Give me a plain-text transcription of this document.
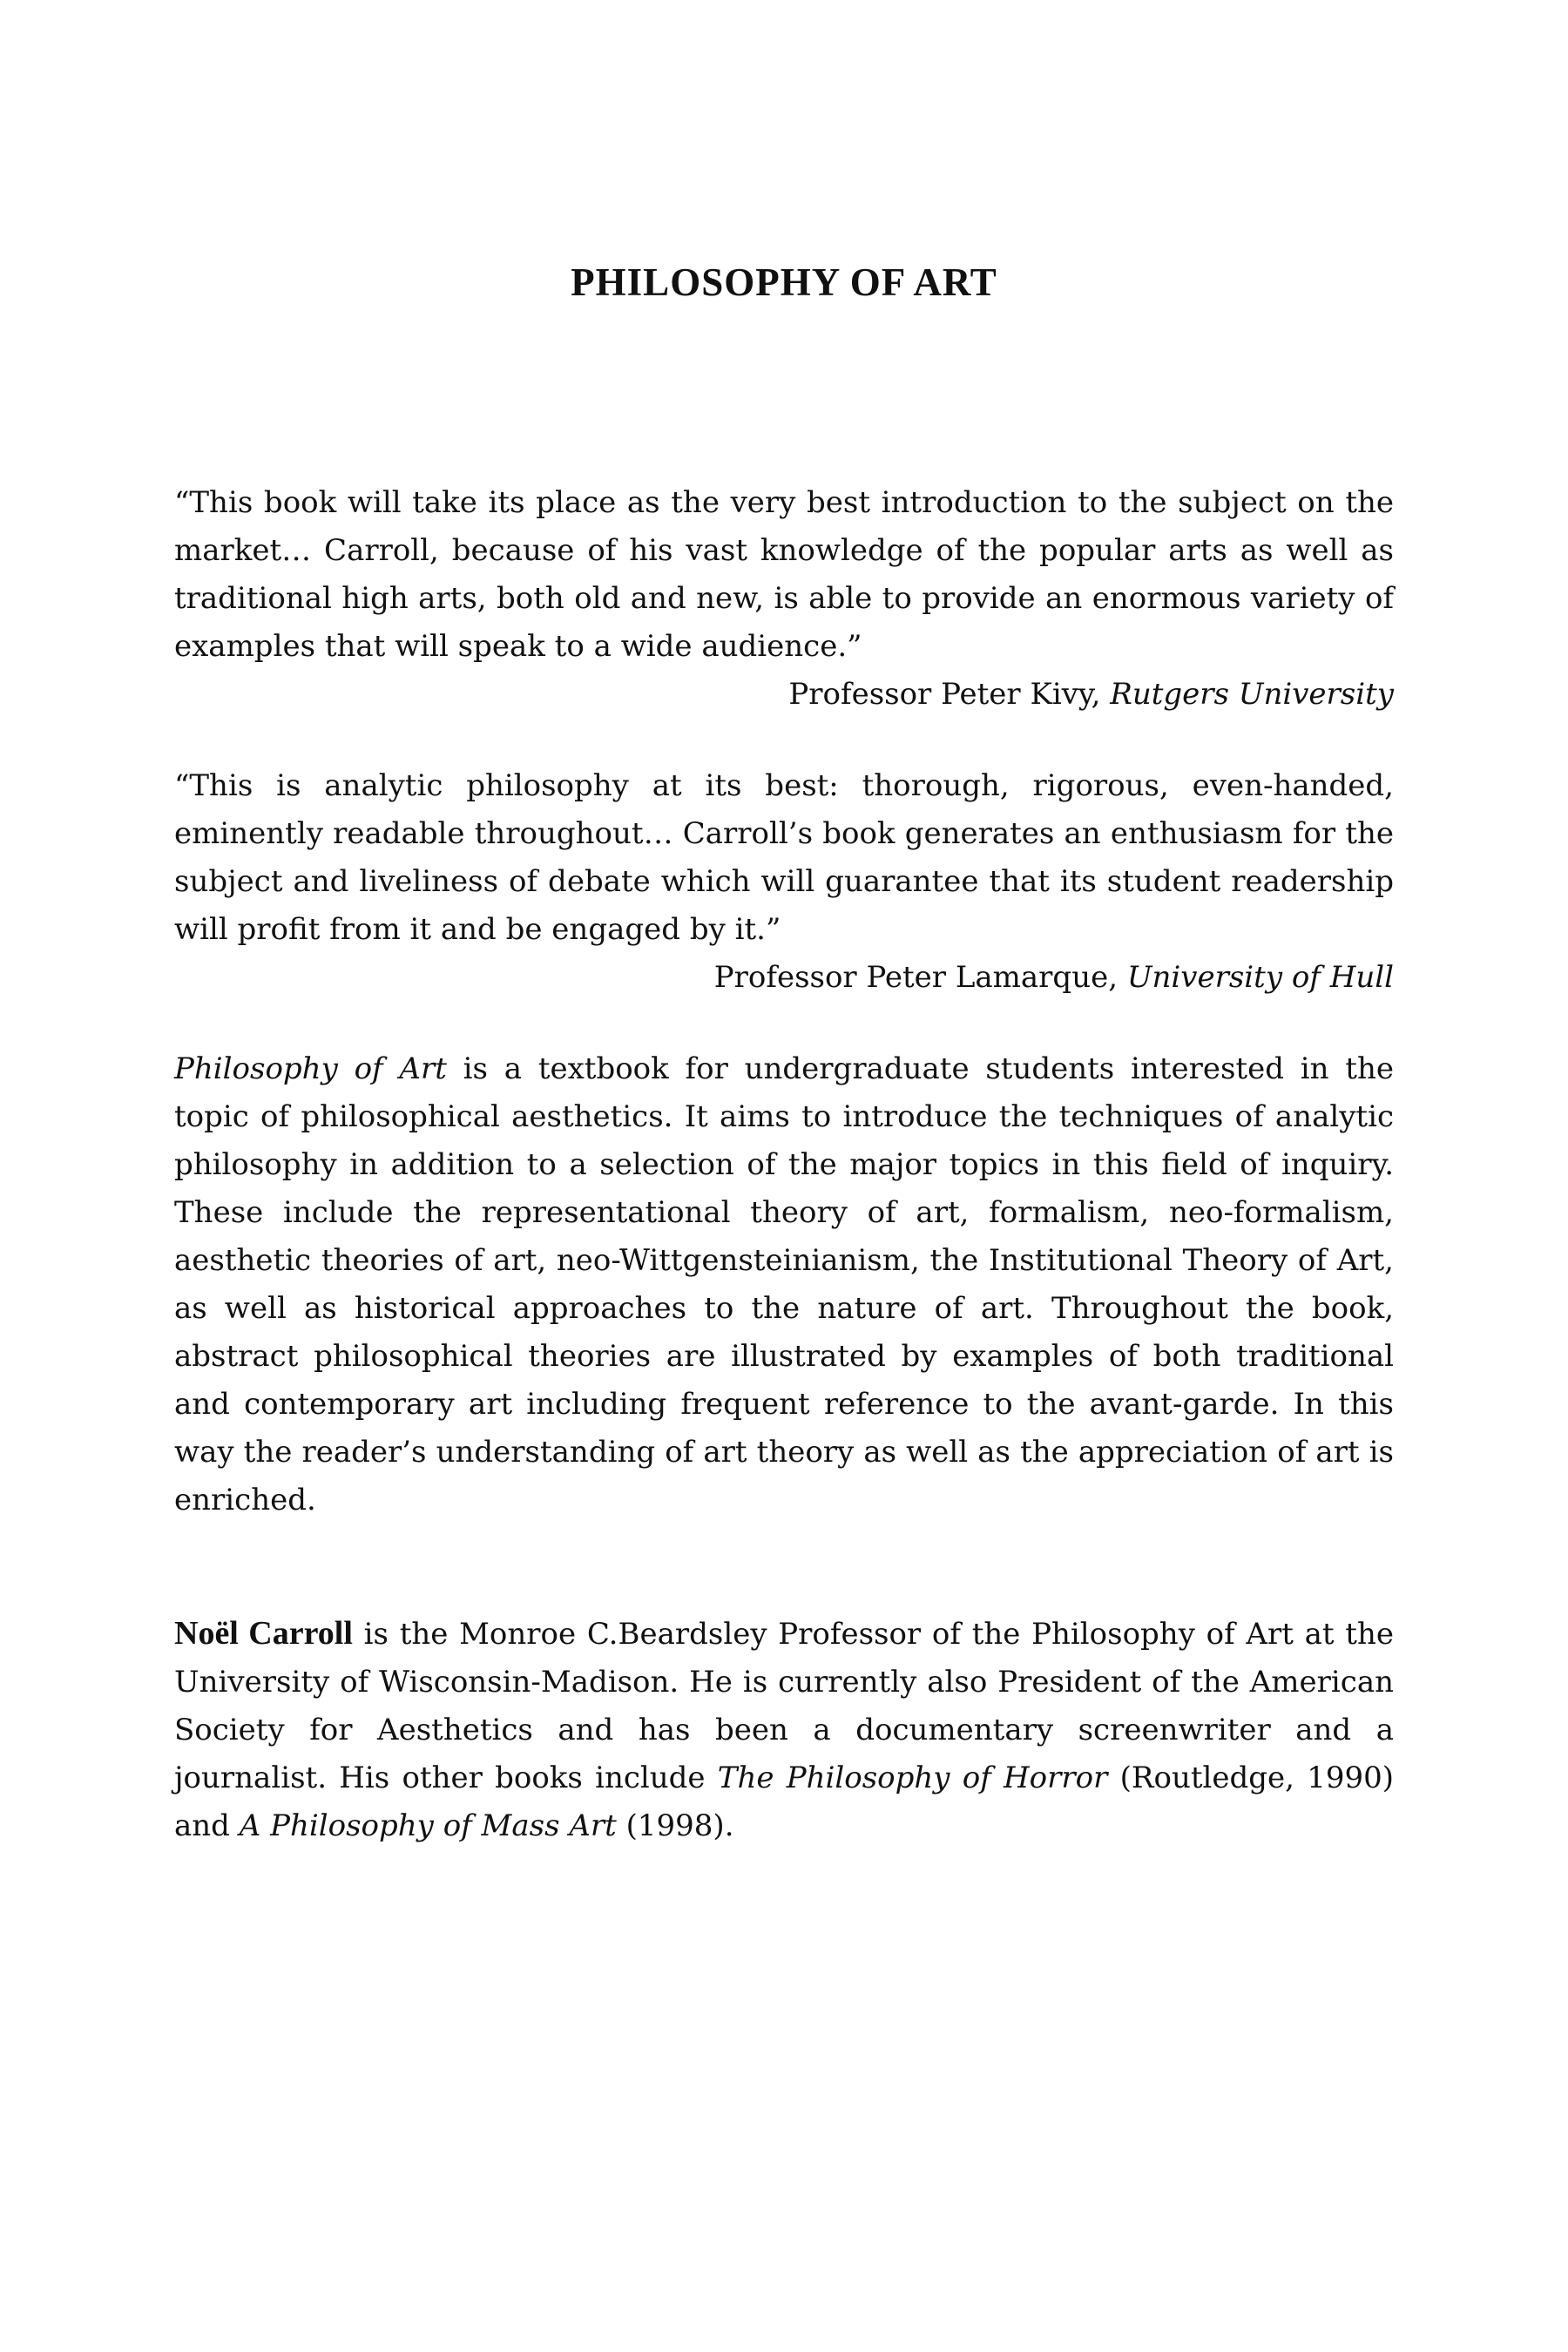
PHILOSOPHY OF ART

“This book will take its place as the very best introduction to the subject on the market… Carroll, because of his vast knowledge of the popular arts as well as traditional high arts, both old and new, is able to provide an enormous variety of examples that will speak to a wide audience.”
Professor Peter Kivy, Rutgers University

“This is analytic philosophy at its best: thorough, rigorous, even-handed, eminently readable throughout… Carroll’s book generates an enthusiasm for the subject and liveliness of debate which will guarantee that its student readership will profit from it and be engaged by it.”
Professor Peter Lamarque, University of Hull

Philosophy of Art is a textbook for undergraduate students interested in the topic of philosophical aesthetics. It aims to introduce the techniques of analytic philosophy in addition to a selection of the major topics in this field of inquiry. These include the representational theory of art, formalism, neo-formalism, aesthetic theories of art, neo-Wittgensteinianism, the Institutional Theory of Art, as well as historical approaches to the nature of art. Throughout the book, abstract philosophical theories are illustrated by examples of both traditional and contemporary art including frequent reference to the avant-garde. In this way the reader’s understanding of art theory as well as the appreciation of art is enriched.

Noël Carroll is the Monroe C.Beardsley Professor of the Philosophy of Art at the University of Wisconsin-Madison. He is currently also President of the American Society for Aesthetics and has been a documentary screenwriter and a journalist. His other books include The Philosophy of Horror (Routledge, 1990) and A Philosophy of Mass Art (1998).
